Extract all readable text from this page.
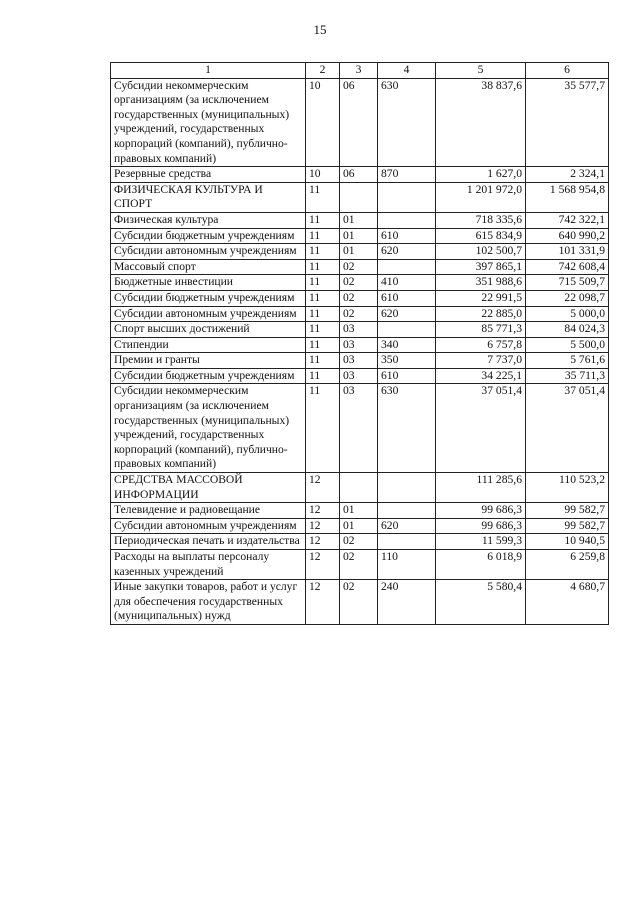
15
1	2	3	4	5	6
Субсидии некоммерческим организациям (за исключением государственных (муниципальных) учреждений, государственных корпораций (компаний), публично-правовых компаний)	10	06	630	38 837,6	35 577,7
Резервные средства	10	06	870	1 627,0	2 324,1
ФИЗИЧЕСКАЯ КУЛЬТУРА И СПОРТ	11			1 201 972,0	1 568 954,8
Физическая культура	11	01		718 335,6	742 322,1
Субсидии бюджетным учреждениям	11	01	610	615 834,9	640 990,2
Субсидии автономным учреждениям	11	01	620	102 500,7	101 331,9
Массовый спорт	11	02		397 865,1	742 608,4
Бюджетные инвестиции	11	02	410	351 988,6	715 509,7
Субсидии бюджетным учреждениям	11	02	610	22 991,5	22 098,7
Субсидии автономным учреждениям	11	02	620	22 885,0	5 000,0
Спорт высших достижений	11	03		85 771,3	84 024,3
Стипендии	11	03	340	6 757,8	5 500,0
Премии и гранты	11	03	350	7 737,0	5 761,6
Субсидии бюджетным учреждениям	11	03	610	34 225,1	35 711,3
Субсидии некоммерческим организациям (за исключением государственных (муниципальных) учреждений, государственных корпораций (компаний), публично-правовых компаний)	11	03	630	37 051,4	37 051,4
СРЕДСТВА МАССОВОЙ ИНФОРМАЦИИ	12			111 285,6	110 523,2
Телевидение и радиовещание	12	01		99 686,3	99 582,7
Субсидии автономным учреждениям	12	01	620	99 686,3	99 582,7
Периодическая печать и издательства	12	02		11 599,3	10 940,5
Расходы на выплаты персоналу казенных учреждений	12	02	110	6 018,9	6 259,8
Иные закупки товаров, работ и услуг для обеспечения государственных (муниципальных) нужд	12	02	240	5 580,4	4 680,7
